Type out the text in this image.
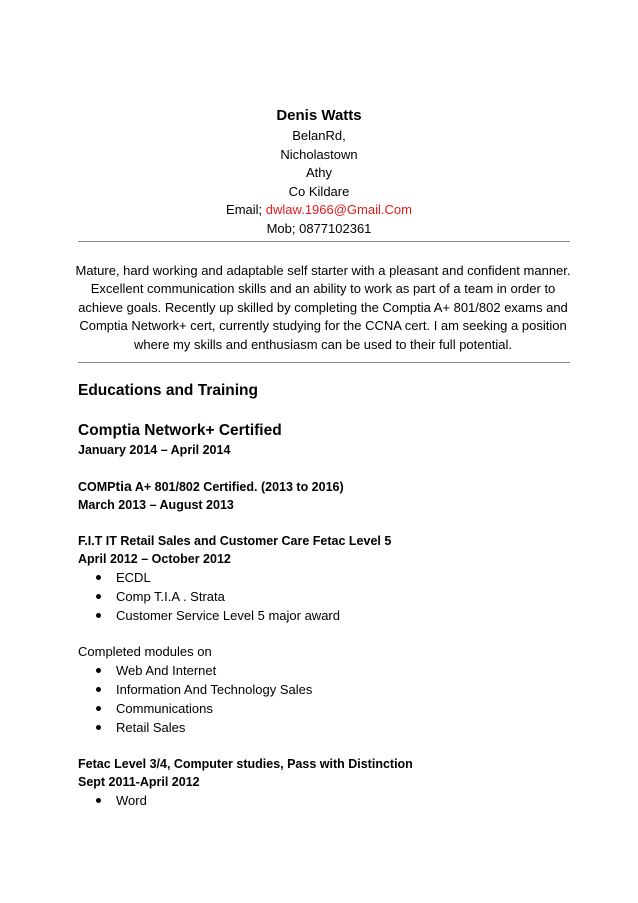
Denis Watts
BelanRd,
Nicholastown
Athy
Co Kildare
Email; dwlaw.1966@Gmail.Com
Mob; 0877102361
Mature, hard working and adaptable self starter with a pleasant and confident manner. Excellent communication skills and an ability to work as part of a team in order to achieve goals. Recently up skilled by completing the Comptia A+ 801/802 exams and Comptia Network+ cert, currently studying for the CCNA cert. I am seeking a position where my skills and enthusiasm can be used to their full potential.

Educations and Training

Comptia Network+ Certified

January 2014 – April 2014

COMPtia A+ 801/802 Certified. (2013 to 2016)

March 2013 – August 2013

F.I.T IT Retail Sales and Customer Care Fetac Level 5

April 2012 – October 2012

ECDL
Comp T.I.A . Strata
Customer Service Level 5 major award

Completed modules on

Web And Internet
Information And Technology Sales
Communications
Retail Sales

Fetac Level 3/4, Computer studies, Pass with Distinction

Sept 2011-April 2012

Word
